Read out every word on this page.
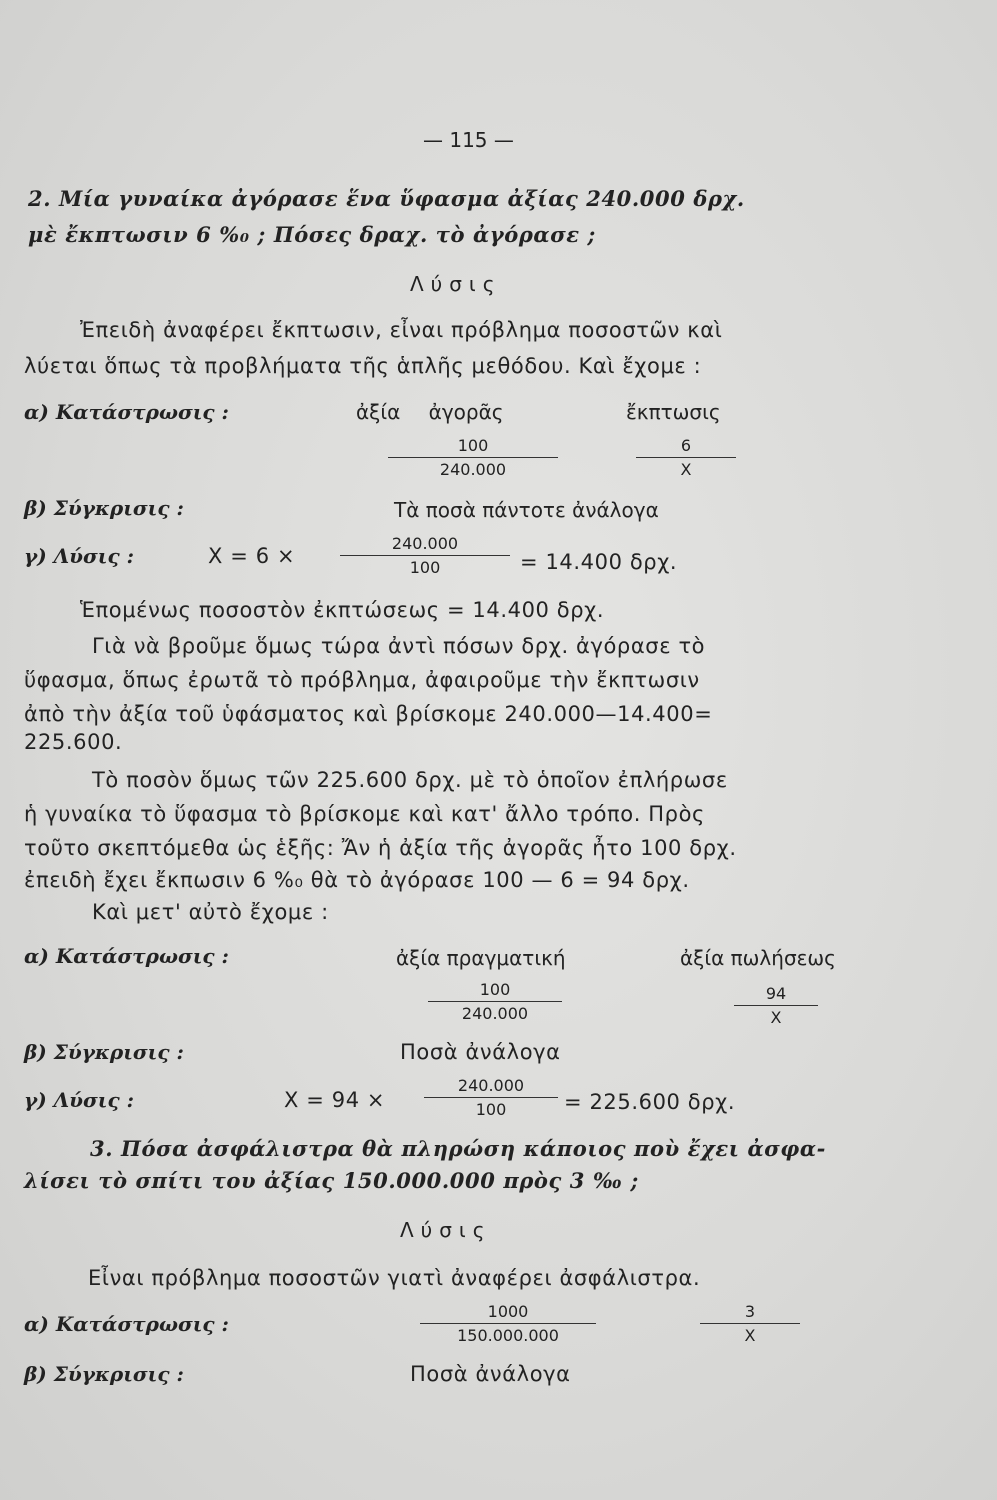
— 115 —
2. Μία γυναίκα ἀγόρασε ἕνα ὕφασμα ἀξίας 240.000 δρχ.
μὲ ἔκπτωσιν 6 %₀ ; Πόσες δραχ. τὸ ἀγόρασε ;
Λύσις
Ἐπειδὴ ἀναφέρει ἔκπτωσιν, εἶναι πρόβλημα ποσοστῶν καὶ
λύεται ὅπως τὰ προβλήματα τῆς ἁπλῆς μεθόδου. Καὶ ἔχομε :
α) Κατάστρωσις :	ἀξία ἀγορᾶς	ἔκπτωσις
$\frac{100}{240.000}$	$\frac{6}{X}$
β) Σύγκρισις :	Τὰ ποσὰ πάντοτε ἀνάλογα
γ) Λύσις :	Χ = 6 ×	$\frac{240.000}{100} = 14.400$ δρχ.
Ἑπομένως ποσοστὸν ἐκπτώσεως = 14.400 δρχ.
Γιὰ νὰ βροῦμε ὅμως τώρα ἀντὶ πόσων δρχ. ἀγόρασε τὸ
ὕφασμα, ὅπως ἐρωτᾶ τὸ πρόβλημα, ἀφαιροῦμε τὴν ἔκπτωσιν
ἀπὸ τὴν ἀξία τοῦ ὑφάσματος καὶ βρίσκομε 240.000—14.400=
225.600.
Τὸ ποσὸν ὅμως τῶν 225.600 δρχ. μὲ τὸ ὁποῖον ἐπλήρωσε
ἡ γυναίκα τὸ ὕφασμα τὸ βρίσκομε καὶ κατ' ἄλλο τρόπο. Πρὸς
τοῦτο σκεπτόμεθα ὡς ἑξῆς: Ἄν ἡ ἀξία τῆς ἀγορᾶς ἦτο 100 δρχ.
ἐπειδὴ ἔχει ἔκπωσιν 6 %₀ θὰ τὸ ἀγόρασε 100 — 6 = 94 δρχ.
Καὶ μετ' αὐτὸ ἔχομε :
α) Κατάστρωσις :	ἀξία πραγματική	ἀξία πωλήσεως
$\frac{100}{240.000}$	$\frac{94}{X}$
β) Σύγκρισις :	Ποσὰ ἀνάλογα
γ) Λύσις :	$X = 94 \times \frac{240.000}{100} = 225.600$ δρχ.
3. Πόσα ἀσφάλιστρα θὰ πληρώση κάποιος ποὺ ἔχει ἀσφα-
λίσει τὸ σπίτι του ἀξίας 150.000.000 πρὸς 3 ‰ ;
Λύσις
Εἶναι πρόβλημα ποσοστῶν γιατὶ ἀναφέρει ἀσφάλιστρα.
α) Κατάστρωσις :	$\frac{1000}{150.000.000}$	$\frac{3}{X}$
β) Σύγκρισις :	Ποσὰ ἀνάλογα
